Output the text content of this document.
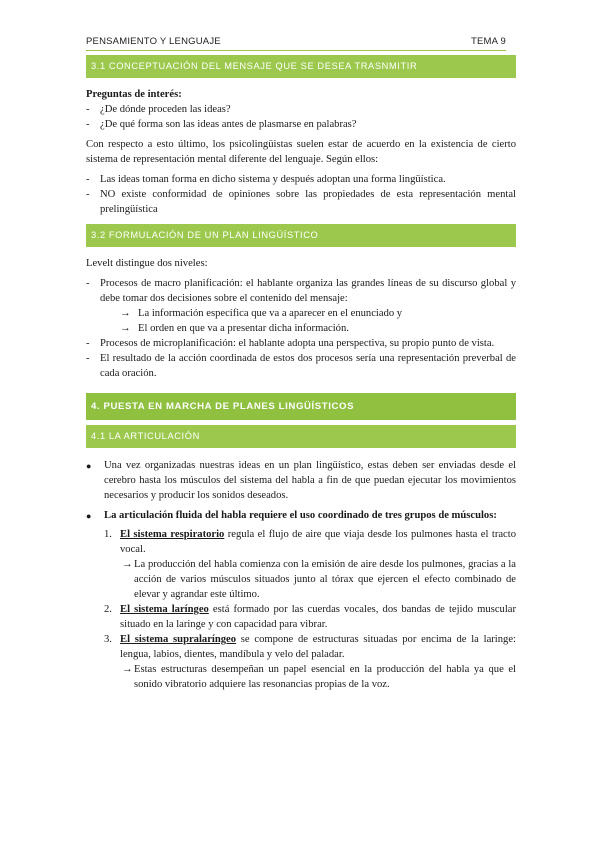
PENSAMIENTO Y LENGUAJE	TEMA 9
3.1 CONCEPTUACIÓN DEL MENSAJE QUE SE DESEA TRASNMITIR

Preguntas de interés:

- ¿De dónde proceden las ideas?
- ¿De qué forma son las ideas antes de plasmarse en palabras?

Con respecto a esto último, los psicolingüistas suelen estar de acuerdo en la existencia de cierto sistema de representación mental diferente del lenguaje. Según ellos:

- Las ideas toman forma en dicho sistema y después adoptan una forma lingüística.
- NO existe conformidad de opiniones sobre las propiedades de esta representación mental prelingüística
3.2 FORMULACIÓN DE UN PLAN LINGÜÍSTICO

Levelt distingue dos niveles:

- Procesos de macro planificación: el hablante organiza las grandes líneas de su discurso global y debe tomar dos decisiones sobre el contenido del mensaje:
→ La información específica que va a aparecer en el enunciado y
→ El orden en que va a presentar dicha información.
- Procesos de microplanificación: el hablante adopta una perspectiva, su propio punto de vista.
- El resultado de la acción coordinada de estos dos procesos sería una representación preverbal de cada oración.
4. PUESTA EN MARCHA DE PLANES LINGÜÍSTICOS
4.1 LA ARTICULACIÓN
●	Una vez organizadas nuestras ideas en un plan lingüístico, estas deben ser enviadas desde el cerebro hasta los músculos del sistema del habla a fin de que puedan ejecutar los movimientos necesarios y producir los sonidos deseados.
●	La articulación fluida del habla requiere el uso coordinado de tres grupos de músculos:
1. El sistema respiratorio regula el flujo de aire que viaja desde los pulmones hasta el tracto vocal.
→ La producción del habla comienza con la emisión de aire desde los pulmones, gracias a la acción de varios músculos situados junto al tórax que ejercen el efecto combinado de elevar y agrandar este último.
2. El sistema laríngeo está formado por las cuerdas vocales, dos bandas de tejido muscular situado en la laringe y con capacidad para vibrar.
3. El sistema supralaríngeo se compone de estructuras situadas por encima de la laringe: lengua, labios, dientes, mandíbula y velo del paladar.
→ Estas estructuras desempeñan un papel esencial en la producción del habla ya que el sonido vibratorio adquiere las resonancias propias de la voz.
